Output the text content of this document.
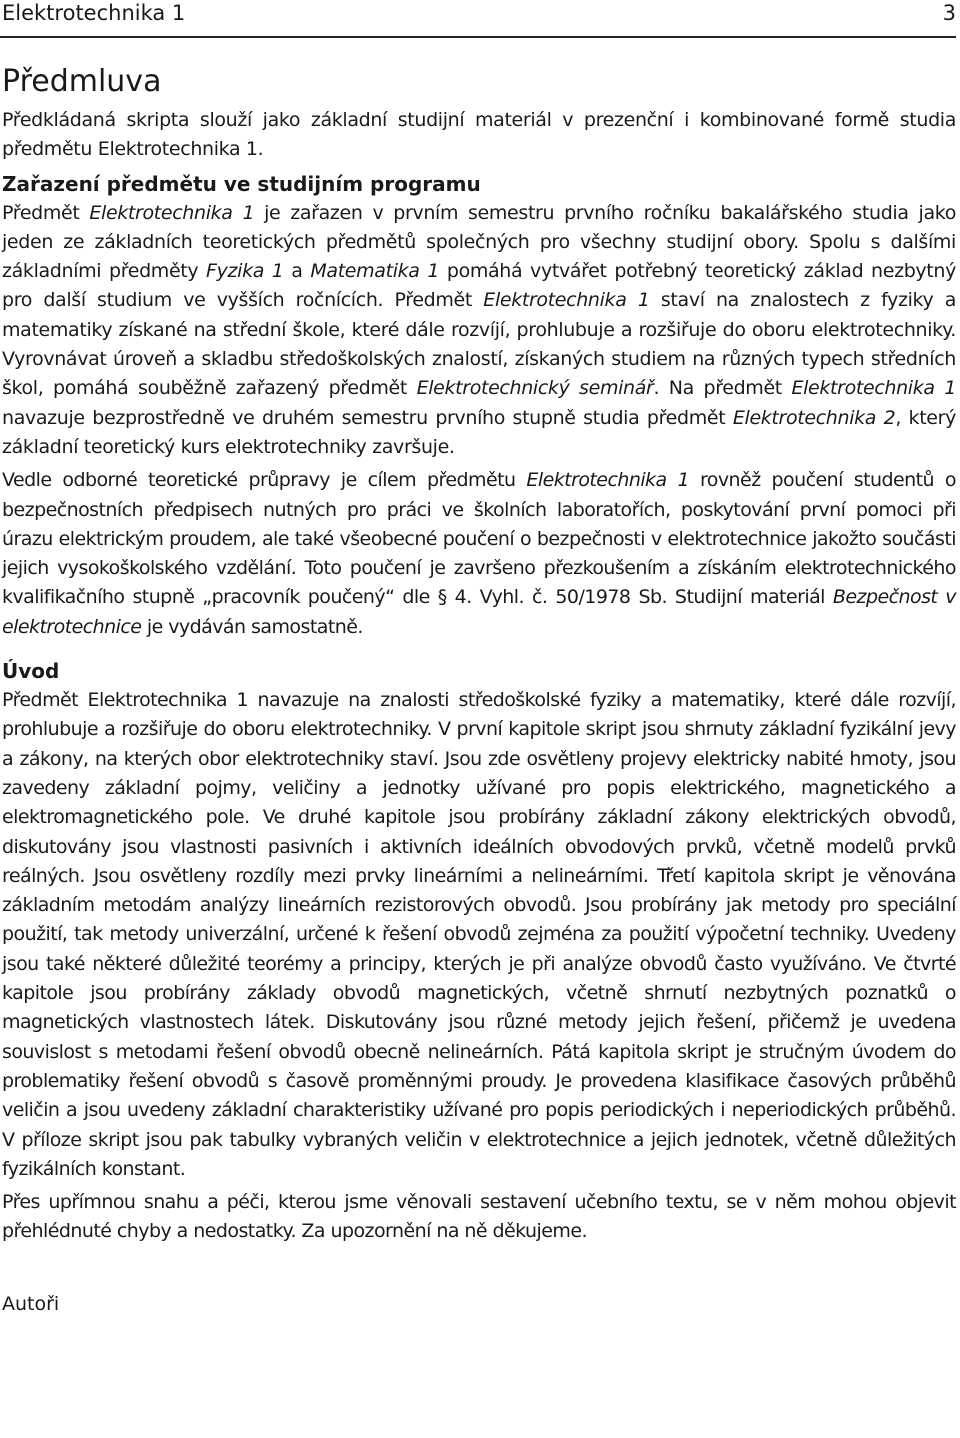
Elektrotechnika 1	3
Předmluva

Předkládaná skripta slouží jako základní studijní materiál v prezenční i kombinované formě studia předmětu Elektrotechnika 1.

Zařazení předmětu ve studijním programu

Předmět Elektrotechnika 1 je zařazen v prvním semestru prvního ročníku bakalářského studia jako jeden ze základních teoretických předmětů společných pro všechny studijní obory. Spolu s dalšími základními předměty Fyzika 1 a Matematika 1 pomáhá vytvářet potřebný teoretický základ nezbytný pro další studium ve vyšších ročnících. Předmět Elektrotechnika 1 staví na znalostech z fyziky a matematiky získané na střední škole, které dále rozvíjí, prohlubuje a rozšiřuje do oboru elektrotechniky. Vyrovnávat úroveň a skladbu středoškolských znalostí, získaných studiem na různých typech středních škol, pomáhá souběžně zařazený předmět Elektrotechnický seminář. Na předmět Elektrotechnika 1 navazuje bezprostředně ve druhém semestru prvního stupně studia předmět Elektrotechnika 2, který základní teoretický kurs elektrotechniky završuje.

Vedle odborné teoretické průpravy je cílem předmětu Elektrotechnika 1 rovněž poučení studentů o bezpečnostních předpisech nutných pro práci ve školních laboratořích, poskytování první pomoci při úrazu elektrickým proudem, ale také všeobecné poučení o bezpečnosti v elektrotechnice jakožto součásti jejich vysokoškolského vzdělání. Toto poučení je završeno přezkoušením a získáním elektrotechnického kvalifikačního stupně „pracovník poučený“ dle § 4. Vyhl. č. 50/1978 Sb. Studijní materiál Bezpečnost v elektrotechnice je vydáván samostatně.

Úvod

Předmět Elektrotechnika 1 navazuje na znalosti středoškolské fyziky a matematiky, které dále rozvíjí, prohlubuje a rozšiřuje do oboru elektrotechniky. V první kapitole skript jsou shrnuty základní fyzikální jevy a zákony, na kterých obor elektrotechniky staví. Jsou zde osvětleny projevy elektricky nabité hmoty, jsou zavedeny základní pojmy, veličiny a jednotky užívané pro popis elektrického, magnetického a elektromagnetického pole. Ve druhé kapitole jsou probírány základní zákony elektrických obvodů, diskutovány jsou vlastnosti pasivních i aktivních ideálních obvodových prvků, včetně modelů prvků reálných. Jsou osvětleny rozdíly mezi prvky lineárními a nelineárními. Třetí kapitola skript je věnována základním metodám analýzy lineárních rezistorových obvodů. Jsou probírány jak metody pro speciální použití, tak metody univerzální, určené k řešení obvodů zejména za použití výpočetní techniky. Uvedeny jsou také některé důležité teorémy a principy, kterých je při analýze obvodů často využíváno. Ve čtvrté kapitole jsou probírány základy obvodů magnetických, včetně shrnutí nezbytných poznatků o magnetických vlastnostech látek. Diskutovány jsou různé metody jejich řešení, přičemž je uvedena souvislost s metodami řešení obvodů obecně nelineárních. Pátá kapitola skript je stručným úvodem do problematiky řešení obvodů s časově proměnnými proudy. Je provedena klasifikace časových průběhů veličin a jsou uvedeny základní charakteristiky užívané pro popis periodických i neperiodických průběhů. V příloze skript jsou pak tabulky vybraných veličin v elektrotechnice a jejich jednotek, včetně důležitých fyzikálních konstant.

Přes upřímnou snahu a péči, kterou jsme věnovali sestavení učebního textu, se v něm mohou objevit přehlédnuté chyby a nedostatky. Za upozornění na ně děkujeme.

Autoři
